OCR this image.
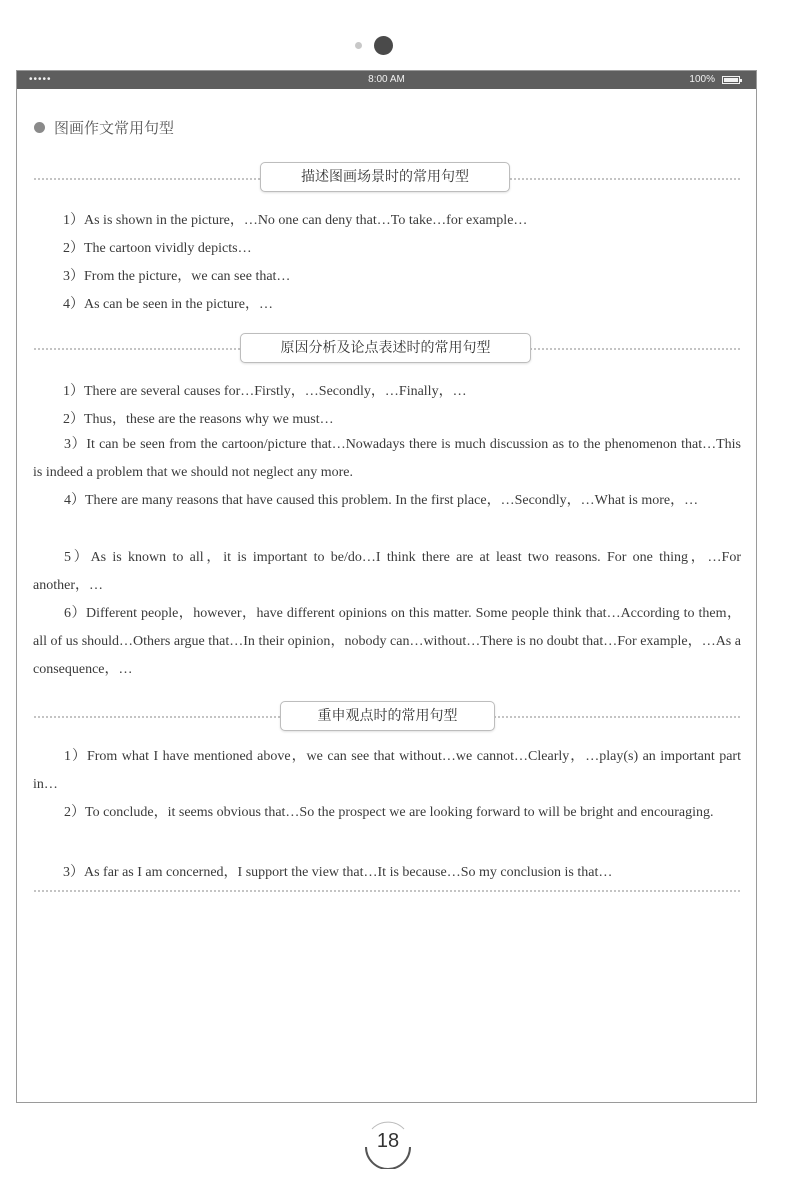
•••••	8:00 AM	100%
图画作文常用句型
描述图画场景时的常用句型
1）As is shown in the picture，…No one can deny that…To take…for example…
2）The cartoon vividly depicts…
3）From the picture，we can see that…
4）As can be seen in the picture，…
原因分析及论点表述时的常用句型
1）There are several causes for…Firstly，…Secondly，…Finally，…
2）Thus，these are the reasons why we must…
3）It can be seen from the cartoon/picture that…Nowadays there is much discussion as to the phenomenon that…This is indeed a problem that we should not neglect any more.
4）There are many reasons that have caused this problem. In the first place，…Secondly，…What is more，…
5）As is known to all，it is important to be/do…I think there are at least two reasons. For one thing，…For another，…
6）Different people，however，have different opinions on this matter. Some people think that…According to them，all of us should…Others argue that…In their opinion，nobody can…without…There is no doubt that…For example，…As a consequence，…
重申观点时的常用句型
1）From what I have mentioned above，we can see that without…we cannot…Clearly，…play(s) an important part in…
2）To conclude，it seems obvious that…So the prospect we are looking forward to will be bright and encouraging.
3）As far as I am concerned，I support the view that…It is because…So my conclusion is that…
18
